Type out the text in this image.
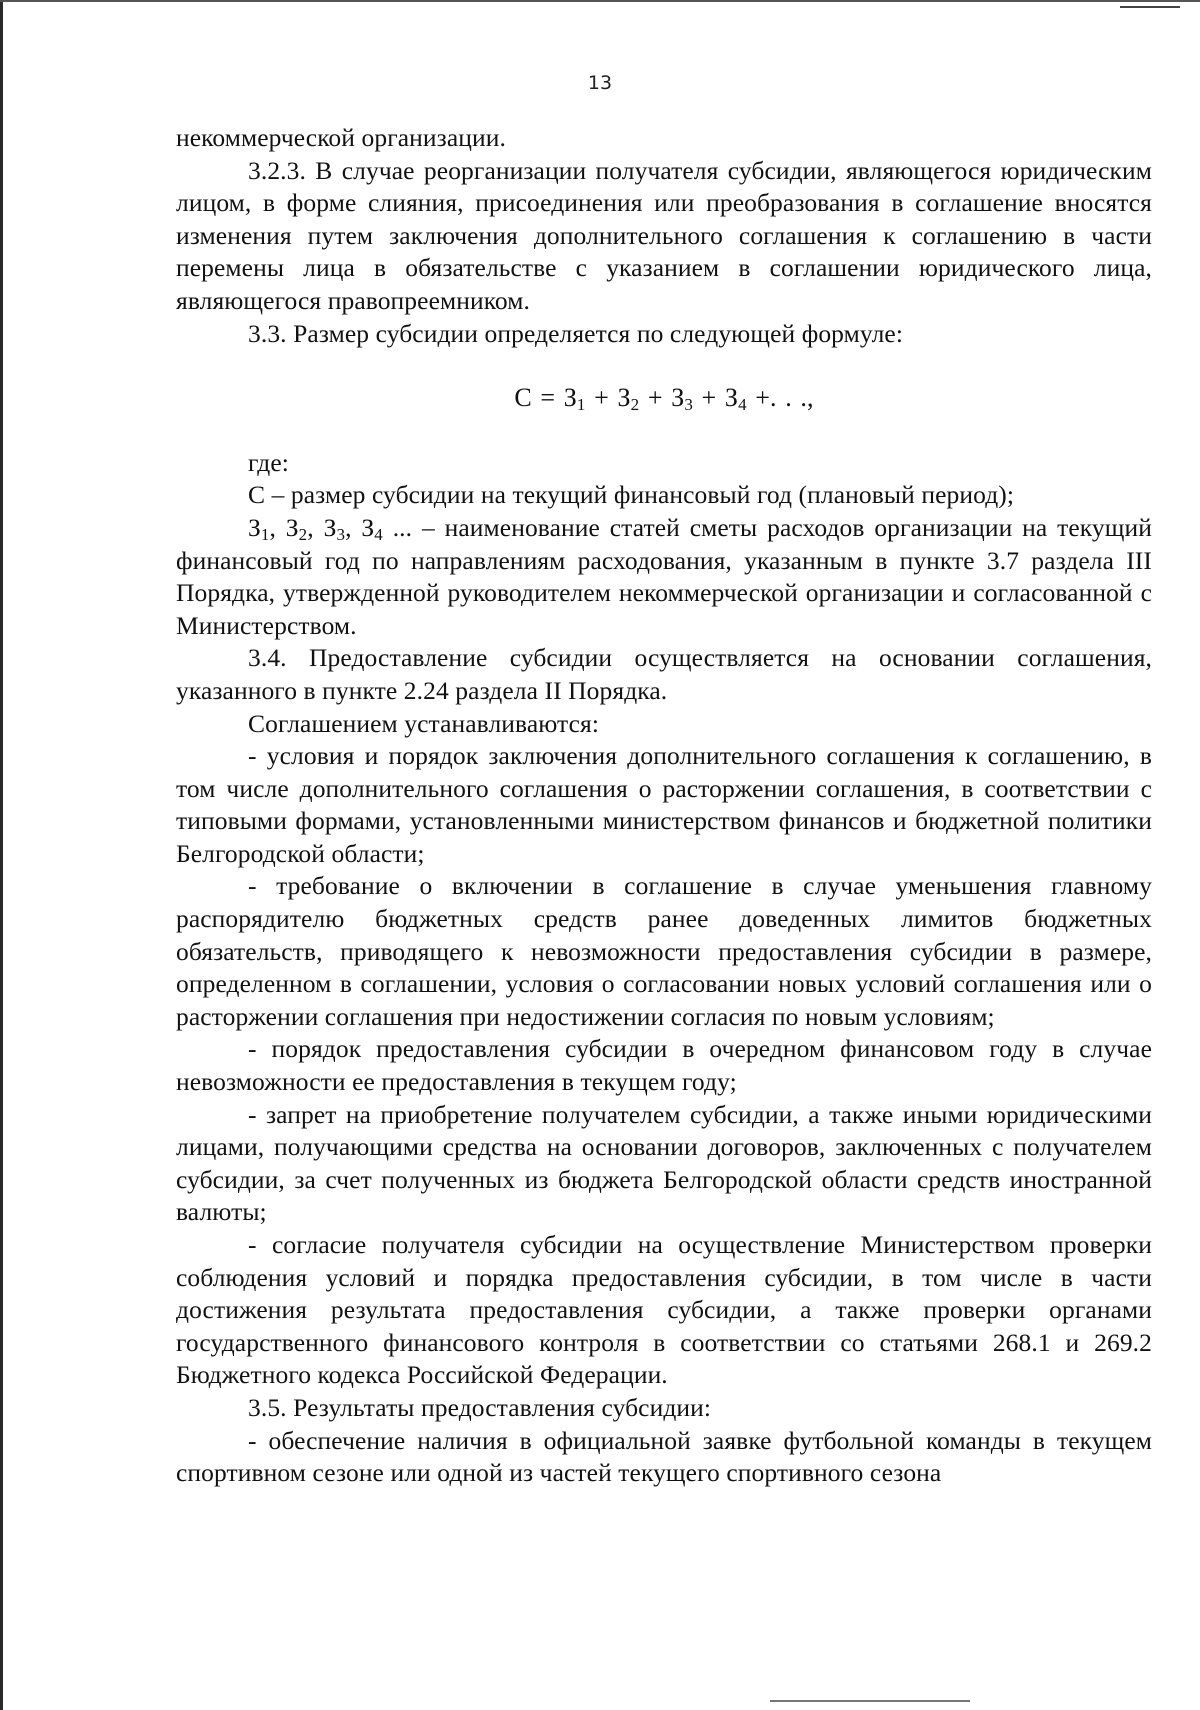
13

некоммерческой организации.

3.2.3. В случае реорганизации получателя субсидии, являющегося юридическим лицом, в форме слияния, присоединения или преобразования в соглашение вносятся изменения путем заключения дополнительного соглашения к соглашению в части перемены лица в обязательстве с указанием в соглашении юридического лица, являющегося правопреемником.

3.3. Размер субсидии определяется по следующей формуле:

$С = З_1 + З_2 + З_3 + З_4$ +. . .,

где:

С – размер субсидии на текущий финансовый год (плановый период);

$З_1$, $З_2$, $З_3$, $З_4$ ... – наименование статей сметы расходов организации на текущий финансовый год по направлениям расходования, указанным в пункте 3.7 раздела III Порядка, утвержденной руководителем некоммерческой организации и согласованной с Министерством.

3.4. Предоставление субсидии осуществляется на основании соглашения, указанного в пункте 2.24 раздела II Порядка.

Соглашением устанавливаются:

- условия и порядок заключения дополнительного соглашения к соглашению, в том числе дополнительного соглашения о расторжении соглашения, в соответствии с типовыми формами, установленными министерством финансов и бюджетной политики Белгородской области;

- требование о включении в соглашение в случае уменьшения главному распорядителю бюджетных средств ранее доведенных лимитов бюджетных обязательств, приводящего к невозможности предоставления субсидии в размере, определенном в соглашении, условия о согласовании новых условий соглашения или о расторжении соглашения при недостижении согласия по новым условиям;

- порядок предоставления субсидии в очередном финансовом году в случае невозможности ее предоставления в текущем году;

- запрет на приобретение получателем субсидии, а также иными юридическими лицами, получающими средства на основании договоров, заключенных с получателем субсидии, за счет полученных из бюджета Белгородской области средств иностранной валюты;

- согласие получателя субсидии на осуществление Министерством проверки соблюдения условий и порядка предоставления субсидии, в том числе в части достижения результата предоставления субсидии, а также проверки органами государственного финансового контроля в соответствии со статьями 268.1 и 269.2 Бюджетного кодекса Российской Федерации.

3.5. Результаты предоставления субсидии:

- обеспечение наличия в официальной заявке футбольной команды в текущем спортивном сезоне или одной из частей текущего спортивного сезона
